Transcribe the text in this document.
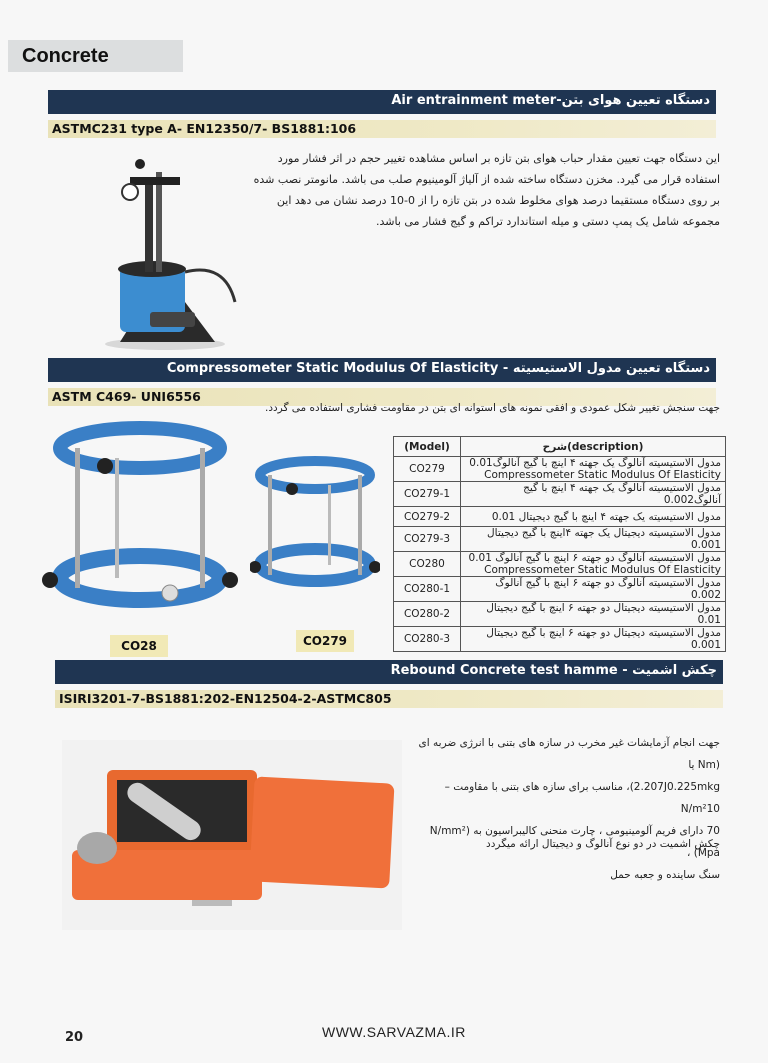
Concrete
دستگاه تعیین هوای بتن-Air entrainment meter
ASTMC231 type A- EN12350/7- BS1881:106
این دستگاه جهت تعیین مقدار حباب هوای بتن تازه بر اساس مشاهده تغییر حجم در اثر فشار مورد استفاده قرار می گیرد. مخزن دستگاه ساخته شده از آلیاژ آلومینیوم صلب می باشد. مانومتر نصب شده بر روی دستگاه مستقیما درصد هوای مخلوط شده در بتن تازه را از 0-10 درصد نشان می دهد این مجموعه شامل یک پمپ دستی و میله استاندارد تراکم و گیج فشار می باشد.
دستگاه تعیین مدول الاستیسیته - Compressometer Static Modulus Of Elasticity
ASTM C469- UNI6556
جهت سنجش تغییر شکل عمودی و افقی نمونه های استوانه ای بتن در مقاومت فشاری استفاده می گردد.
CO28	CO279
(Model)	شرح(description)
CO279	مدول الاستیسیته آنالوگ یک جهته ۴ اینچ با گیج آنالوگ0.01
Compressometer Static Modulus Of Elasticity

CO279-1	مدول الاستیسیته آنالوگ یک جهته ۴ اینچ با گیج آنالوگ0.002

CO279-2	مدول الاستیسیته یک جهته ۴ اینچ با گیج دیجیتال 0.01

CO279-3	مدول الاستیسیته دیجیتال یک جهته ۴اینچ با گیج دیجیتال 0.001

CO280	مدول الاستیسیته آنالوگ دو جهته ۶ اینچ با گیج آنالوگ 0.01
Compressometer Static Modulus Of Elasticity

CO280-1	مدول الاستیسیته آنالوگ دو جهته ۶ اینچ با گیج آنالوگ 0.002

CO280-2	مدول الاستیسیته دیجیتال دو جهته ۶ اینچ با گیج دیجیتال 0.01

CO280-3	مدول الاستیسیته دیجیتال دو جهته ۶ اینچ با گیج دیجیتال 0.001
چکش اشمیت - Rebound Concrete test hamme
ISIRI3201-7-BS1881:202-EN12504-2-ASTMC805
جهت انجام آزمایشات غیر مخرب در سازه های بتنی با انرژی ضربه ای (Nm یا
2.207J0.225mkg)، مناسب برای سازه های بتنی با مقاومت – N/m²10
70 دارای فریم آلومینیومی ، چارت منحنی کالیبراسیون به (N/mm² (Mpa ،
سنگ ساینده و جعبه حمل
چکش اشمیت در دو نوع آنالوگ و دیجیتال ارائه میگردد
20	WWW.SARVAZMA.IR
